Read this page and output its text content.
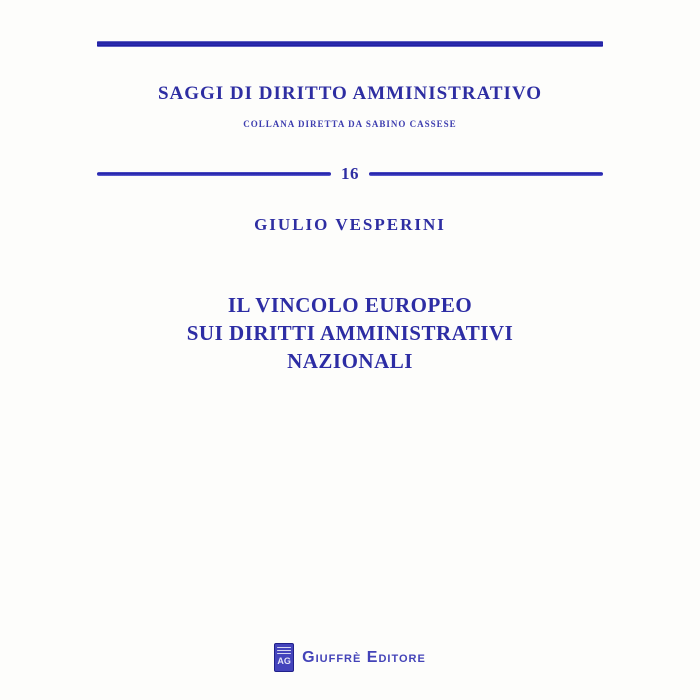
SAGGI DI DIRITTO AMMINISTRATIVO
COLLANA DIRETTA DA SABINO CASSESE
16
GIULIO VESPERINI
IL VINCOLO EUROPEO
SUI DIRITTI AMMINISTRATIVI
NAZIONALI
AG Giuffrè Editore
